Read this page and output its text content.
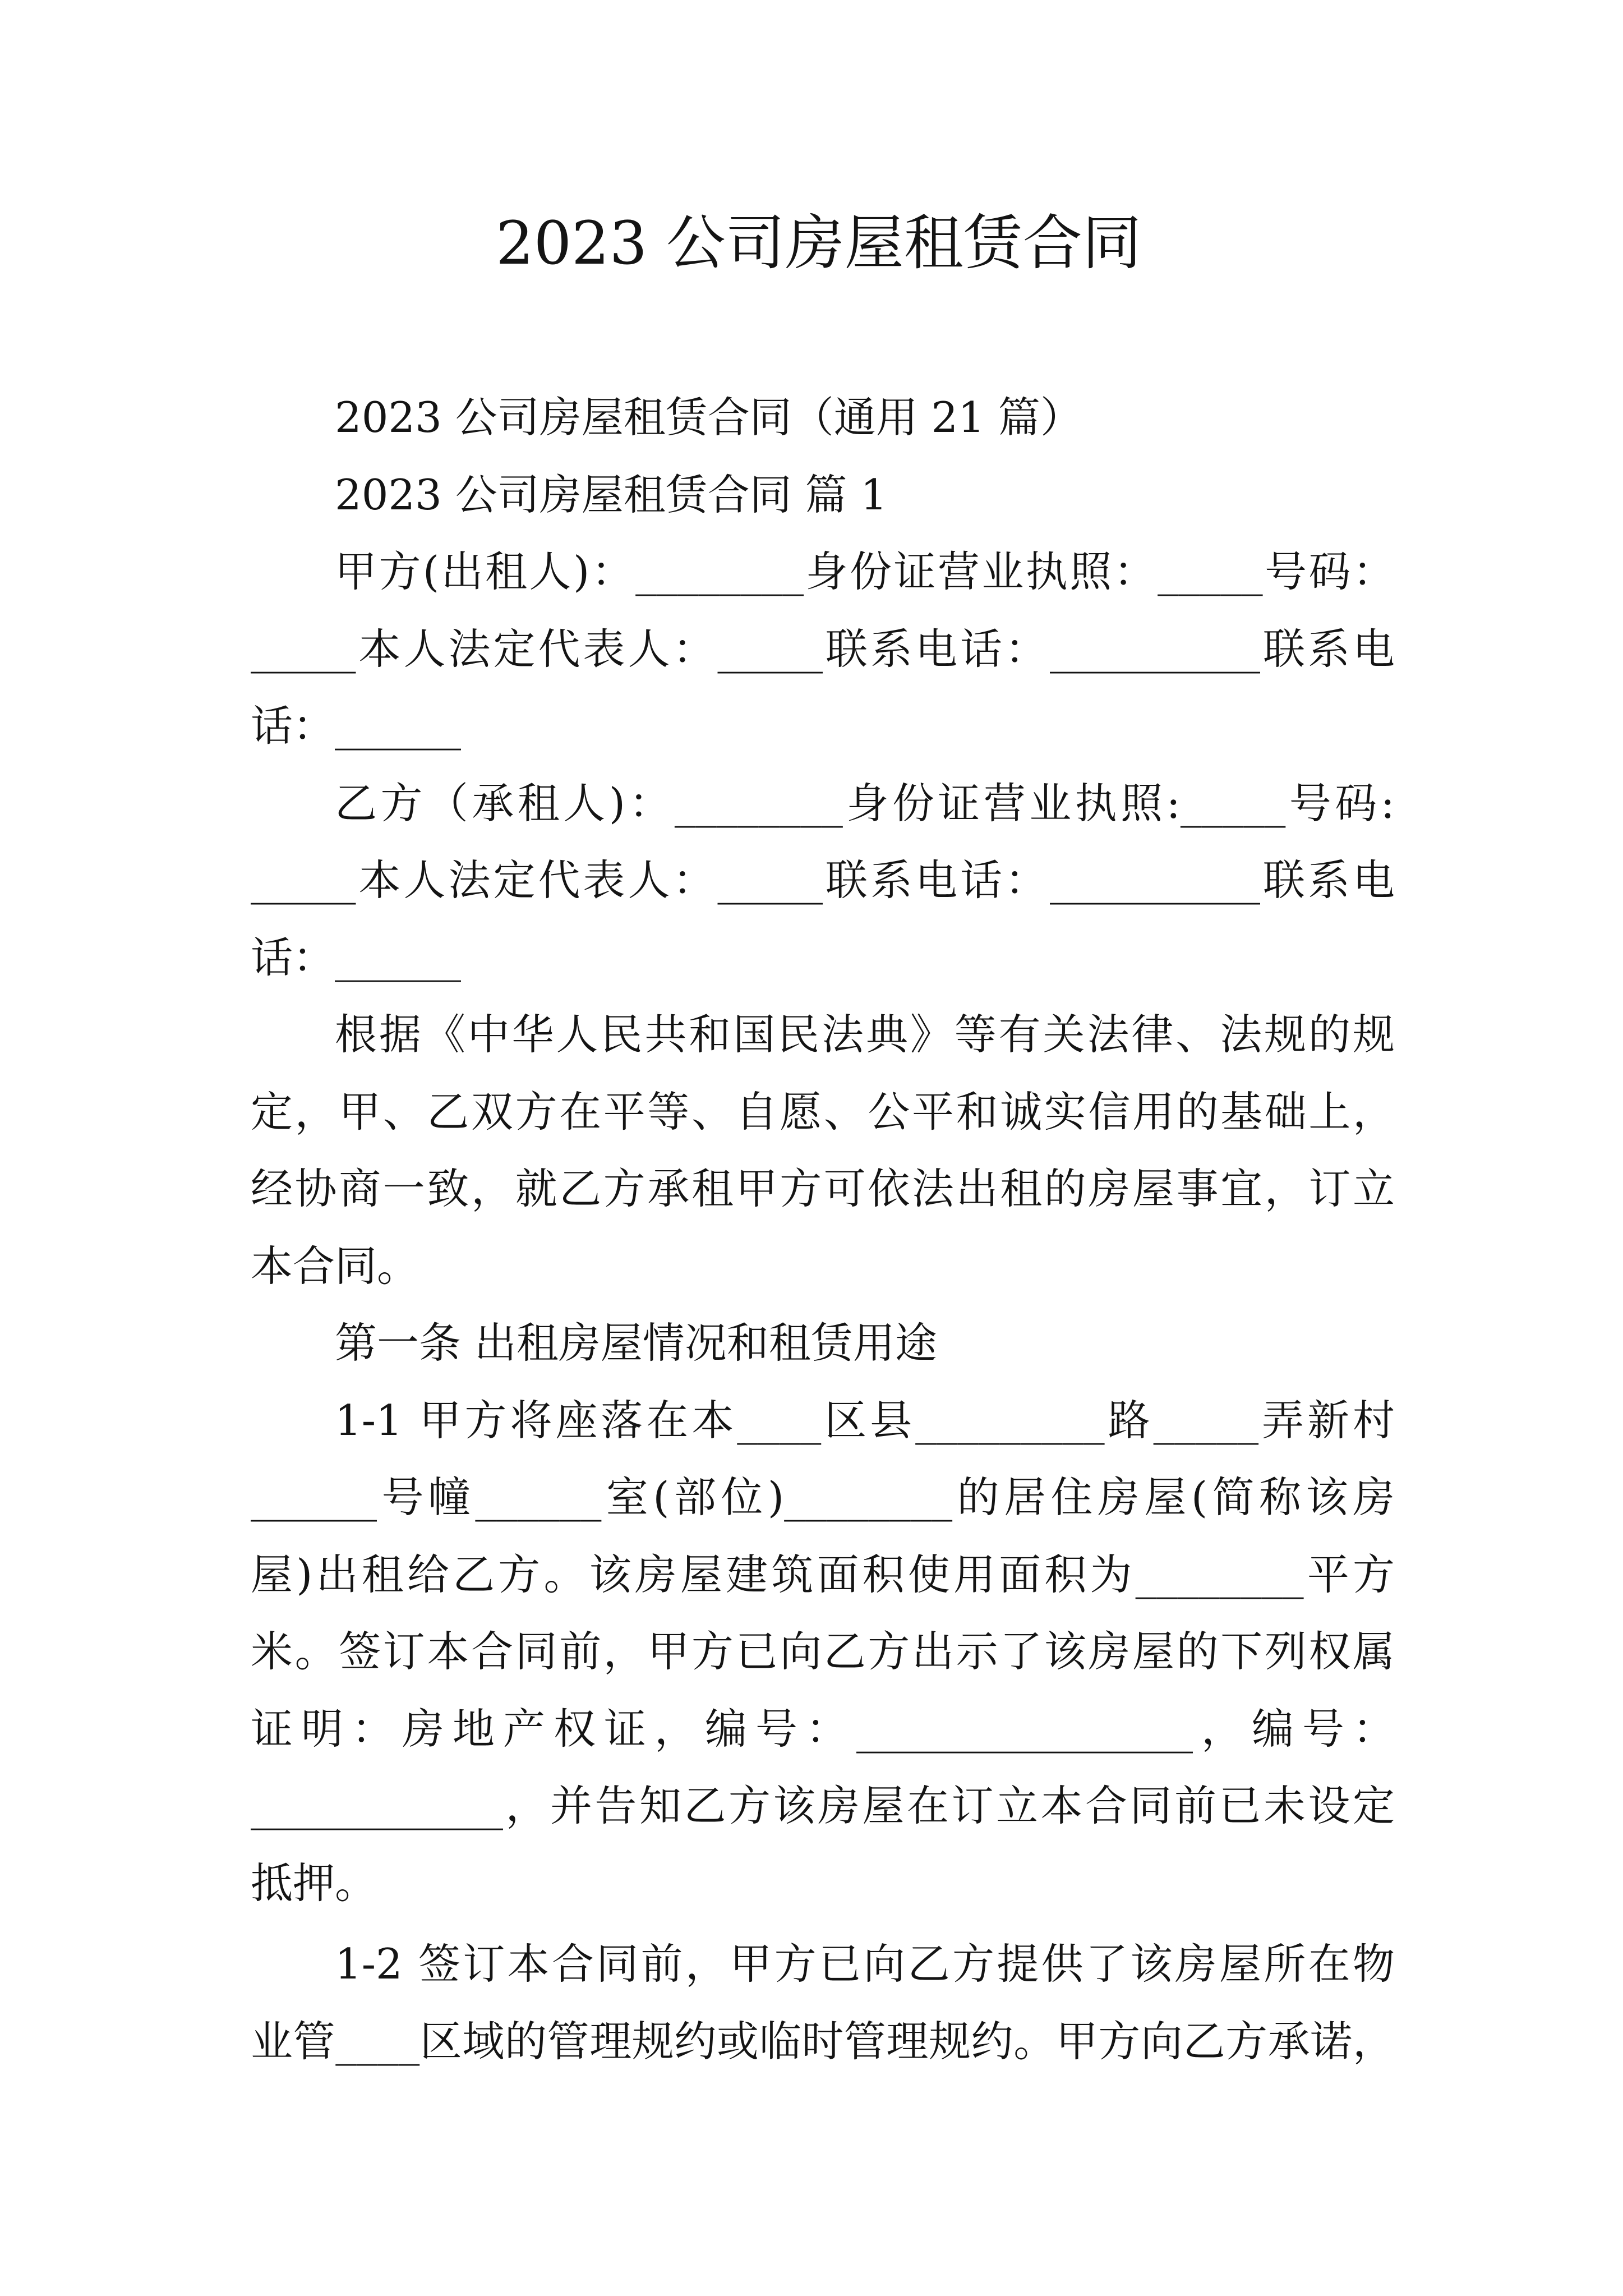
2023 公司房屋租赁合同
2023 公司房屋租赁合同（通用 21 篇）
2023 公司房屋租赁合同 篇 1
甲方(出租人)：________身份证营业执照：_____号码：
_____本人法定代表人：_____联系电话：__________联系电
话：______
乙方（承租人)：________身份证营业执照:_____号码:
_____本人法定代表人：_____联系电话：__________联系电
话：______
根据《中华人民共和国民法典》等有关法律、法规的规
定，甲、乙双方在平等、自愿、公平和诚实信用的基础上，
经协商一致，就乙方承租甲方可依法出租的房屋事宜，订立
本合同。
第一条 出租房屋情况和租赁用途
1-1 甲方将座落在本____区县_________路_____弄新村
______号幢______室(部位)________的居住房屋(简称该房
屋)出租给乙方。该房屋建筑面积使用面积为________平方
米。签订本合同前，甲方已向乙方出示了该房屋的下列权属
证明：房地产权证，编号：________________，编号：
____________，并告知乙方该房屋在订立本合同前已未设定
抵押。
1-2 签订本合同前，甲方已向乙方提供了该房屋所在物
业管____区域的管理规约或临时管理规约。甲方向乙方承诺，
